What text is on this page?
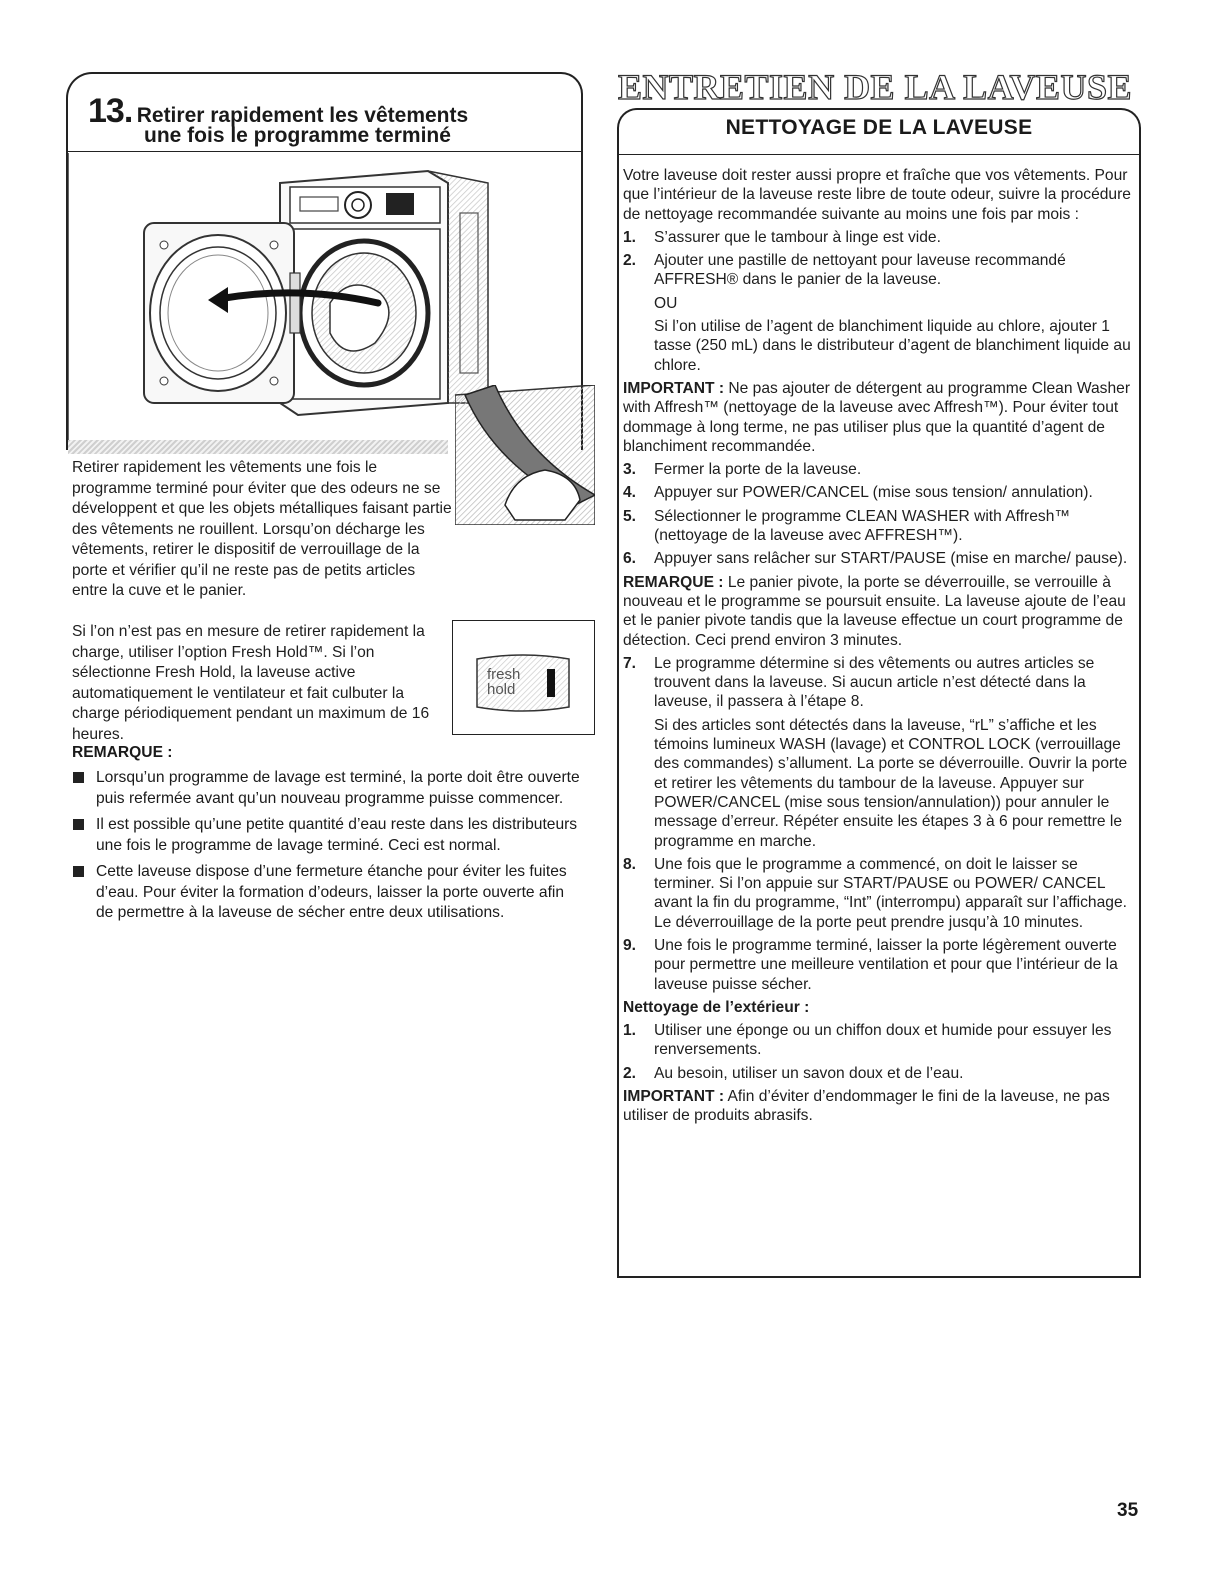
13. Retirer rapidement les vêtements
une fois le programme terminé
Retirer rapidement les vêtements une fois le programme terminé pour éviter que des odeurs ne se développent et que les objets métalliques faisant partie des vêtements ne rouillent. Lorsqu’on décharge les vêtements, retirer le dispositif de verrouillage de la porte et vérifier qu’il ne reste pas de petits articles entre la cuve et le panier.
Si l’on n’est pas en mesure de retirer rapidement la charge, utiliser l’option Fresh Hold™. Si l’on sélectionne Fresh Hold, la laveuse active automatiquement le ventilateur et fait culbuter la charge périodiquement pendant un maximum de 16 heures.
fresh
hold
REMARQUE :
Lorsqu’un programme de lavage est terminé, la porte doit être ouverte puis refermée avant qu’un nouveau programme puisse commencer.
Il est possible qu’une petite quantité d’eau reste dans les distributeurs une fois le programme de lavage terminé. Ceci est normal.
Cette laveuse dispose d’une fermeture étanche pour éviter les fuites d’eau. Pour éviter la formation d’odeurs, laisser la porte ouverte afin de permettre à la laveuse de sécher entre deux utilisations.
ENTRETIEN DE LA LAVEUSE
NETTOYAGE DE LA LAVEUSE

Votre laveuse doit rester aussi propre et fraîche que vos vêtements. Pour que l’intérieur de la laveuse reste libre de toute odeur, suivre la procédure de nettoyage recommandée suivante au moins une fois par mois :

1. S’assurer que le tambour à linge est vide.
2. Ajouter une pastille de nettoyant pour laveuse recommandé AFFRESH® dans le panier de la laveuse.
OU
Si l’on utilise de l’agent de blanchiment liquide au chlore, ajouter 1 tasse (250 mL) dans le distributeur d’agent de blanchiment liquide au chlore.

IMPORTANT : Ne pas ajouter de détergent au programme Clean Washer with Affresh™ (nettoyage de la laveuse avec Affresh™). Pour éviter tout dommage à long terme, ne pas utiliser plus que la quantité d’agent de blanchiment recommandée.

3. Fermer la porte de la laveuse.
4. Appuyer sur POWER/CANCEL (mise sous tension/ annulation).
5. Sélectionner le programme CLEAN WASHER with Affresh™ (nettoyage de la laveuse avec AFFRESH™).
6. Appuyer sans relâcher sur START/PAUSE (mise en marche/ pause).

REMARQUE : Le panier pivote, la porte se déverrouille, se verrouille à nouveau et le programme se poursuit ensuite. La laveuse ajoute de l’eau et le panier pivote tandis que la laveuse effectue un court programme de détection. Ceci prend environ 3 minutes.

7. Le programme détermine si des vêtements ou autres articles se trouvent dans la laveuse. Si aucun article n’est détecté dans la laveuse, il passera à l’étape 8.
Si des articles sont détectés dans la laveuse, “rL” s’affiche et les témoins lumineux WASH (lavage) et CONTROL LOCK (verrouillage des commandes) s’allument. La porte se déverrouille. Ouvrir la porte et retirer les vêtements du tambour de la laveuse. Appuyer sur POWER/CANCEL (mise sous tension/annulation)) pour annuler le message d’erreur. Répéter ensuite les étapes 3 à 6 pour remettre le programme en marche.
8. Une fois que le programme a commencé, on doit le laisser se terminer. Si l’on appuie sur START/PAUSE ou POWER/ CANCEL avant la fin du programme, “Int” (interrompu) apparaît sur l’affichage. Le déverrouillage de la porte peut prendre jusqu’à 10 minutes.
9. Une fois le programme terminé, laisser la porte légèrement ouverte pour permettre une meilleure ventilation et pour que l’intérieur de la laveuse puisse sécher.
Nettoyage de l’extérieur :
1. Utiliser une éponge ou un chiffon doux et humide pour essuyer les renversements.
2. Au besoin, utiliser un savon doux et de l’eau.

IMPORTANT : Afin d’éviter d’endommager le fini de la laveuse, ne pas utiliser de produits abrasifs.

35
